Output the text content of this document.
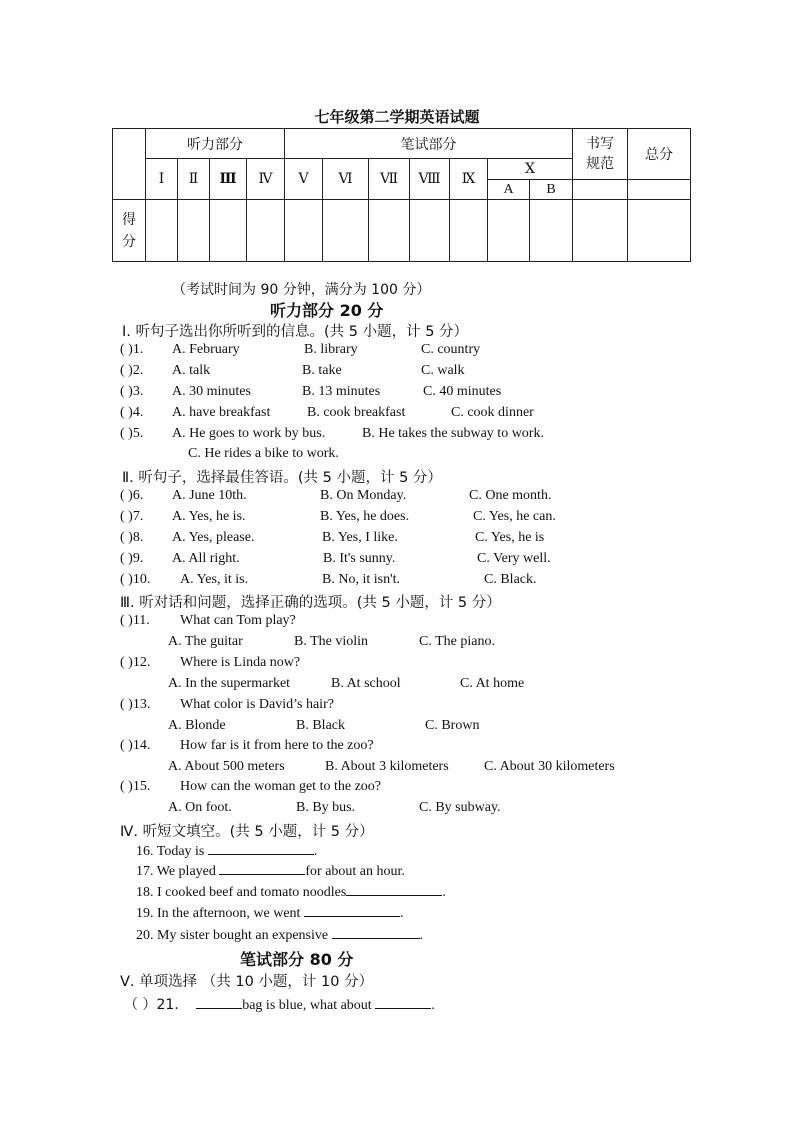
七年级第二学期英语试题
	听力部分				笔试部分							书写规范	总分
	Ⅰ	Ⅱ	Ⅲ	Ⅳ	Ⅴ	Ⅵ	Ⅶ	Ⅷ	Ⅸ	Ⅹ			
										A	B		
得分													
（考试时间为 90 分钟，满分为 100 分）
听力部分 20 分
Ⅰ. 听句子选出你所听到的信息。(共 5 小题，计 5 分）
( )1. A. February	B. library	C. country
( )2. A. talk	B. take	C. walk
( )3. A. 30 minutes	B. 13 minutes	C. 40 minutes
( )4. A. have breakfast	B. cook breakfast	C. cook dinner
( )5. A. He goes to work by bus.	B. He takes the subway to work.
C. He rides a bike to work.
Ⅱ. 听句子，选择最佳答语。(共 5 小题，计 5 分）
( )6. A. June 10th.	B. On Monday.	C. One month.
( )7. A. Yes, he is.	B. Yes, he does.	C. Yes, he can.
( )8. A. Yes, please.	B. Yes, I like.	C. Yes, he is
( )9. A. All right.	B. It's sunny.	C. Very well.
( )10. A. Yes, it is.	B. No, it isn't.	C. Black.
Ⅲ. 听对话和问题，选择正确的选项。(共 5 小题，计 5 分）
( )11. What can Tom play?
A. The guitar	B. The violin	C. The piano.
( )12. Where is Linda now?
A. In the supermarket	B. At school	C. At home
( )13. What color is David’s hair?
A. Blonde	B. Black	C. Brown
( )14. How far is it from here to the zoo?
A. About 500 meters	B. About 3 kilometers	C. About 30 kilometers
( )15. How can the woman get to the zoo?
A. On foot.	B. By bus.	C. By subway.
Ⅳ. 听短文填空。(共 5 小题，计 5 分）
16. Today is	.
17. We played	for about an hour.
18. I cooked beef and tomato noodles	.
19. In the afternoon, we went	.
20. My sister bought an expensive	.
笔试部分 80 分
Ⅴ. 单项选择 （共 10 小题，计 10 分）
（ ）21.	bag is blue, what about	.
